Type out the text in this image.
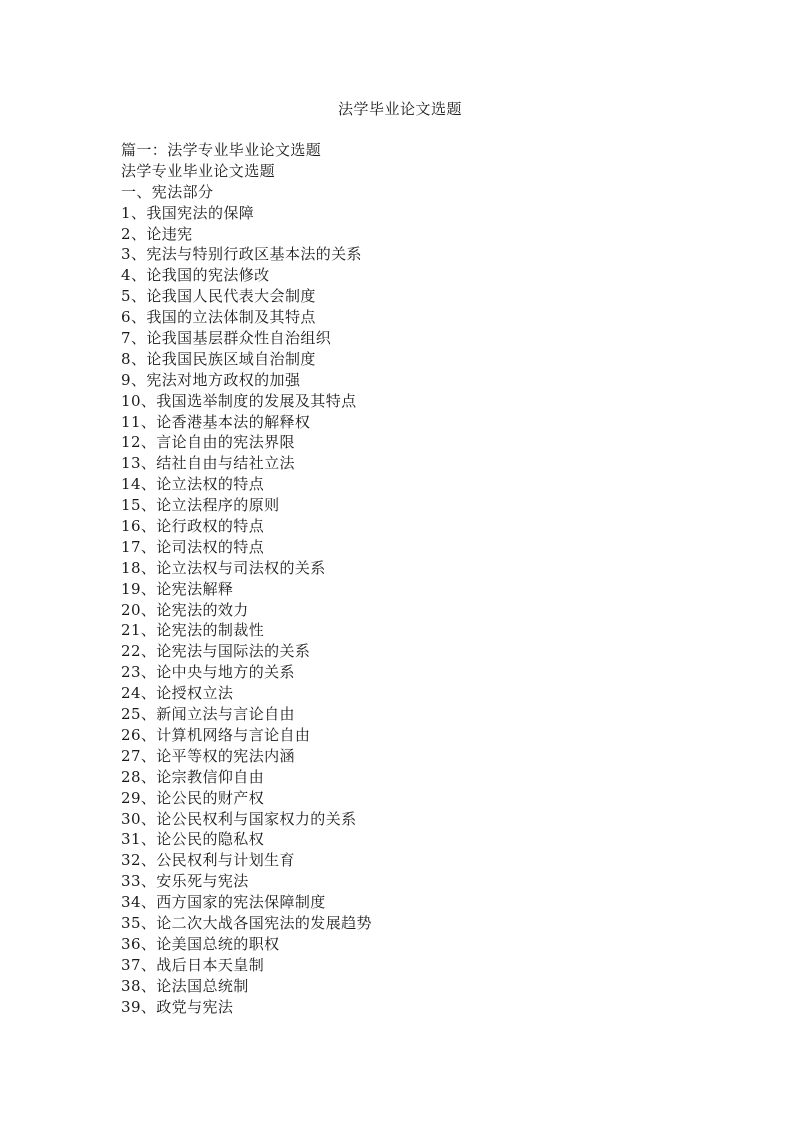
法学毕业论文选题
篇一：法学专业毕业论文选题
法学专业毕业论文选题
一、宪法部分
1、我国宪法的保障
2、论违宪
3、宪法与特别行政区基本法的关系
4、论我国的宪法修改
5、论我国人民代表大会制度
6、我国的立法体制及其特点
7、论我国基层群众性自治组织
8、论我国民族区域自治制度
9、宪法对地方政权的加强
10、我国选举制度的发展及其特点
11、论香港基本法的解释权
12、言论自由的宪法界限
13、结社自由与结社立法
14、论立法权的特点
15、论立法程序的原则
16、论行政权的特点
17、论司法权的特点
18、论立法权与司法权的关系
19、论宪法解释
20、论宪法的效力
21、论宪法的制裁性
22、论宪法与国际法的关系
23、论中央与地方的关系
24、论授权立法
25、新闻立法与言论自由
26、计算机网络与言论自由
27、论平等权的宪法内涵
28、论宗教信仰自由
29、论公民的财产权
30、论公民权利与国家权力的关系
31、论公民的隐私权
32、公民权利与计划生育
33、安乐死与宪法
34、西方国家的宪法保障制度
35、论二次大战各国宪法的发展趋势
36、论美国总统的职权
37、战后日本天皇制
38、论法国总统制
39、政党与宪法
